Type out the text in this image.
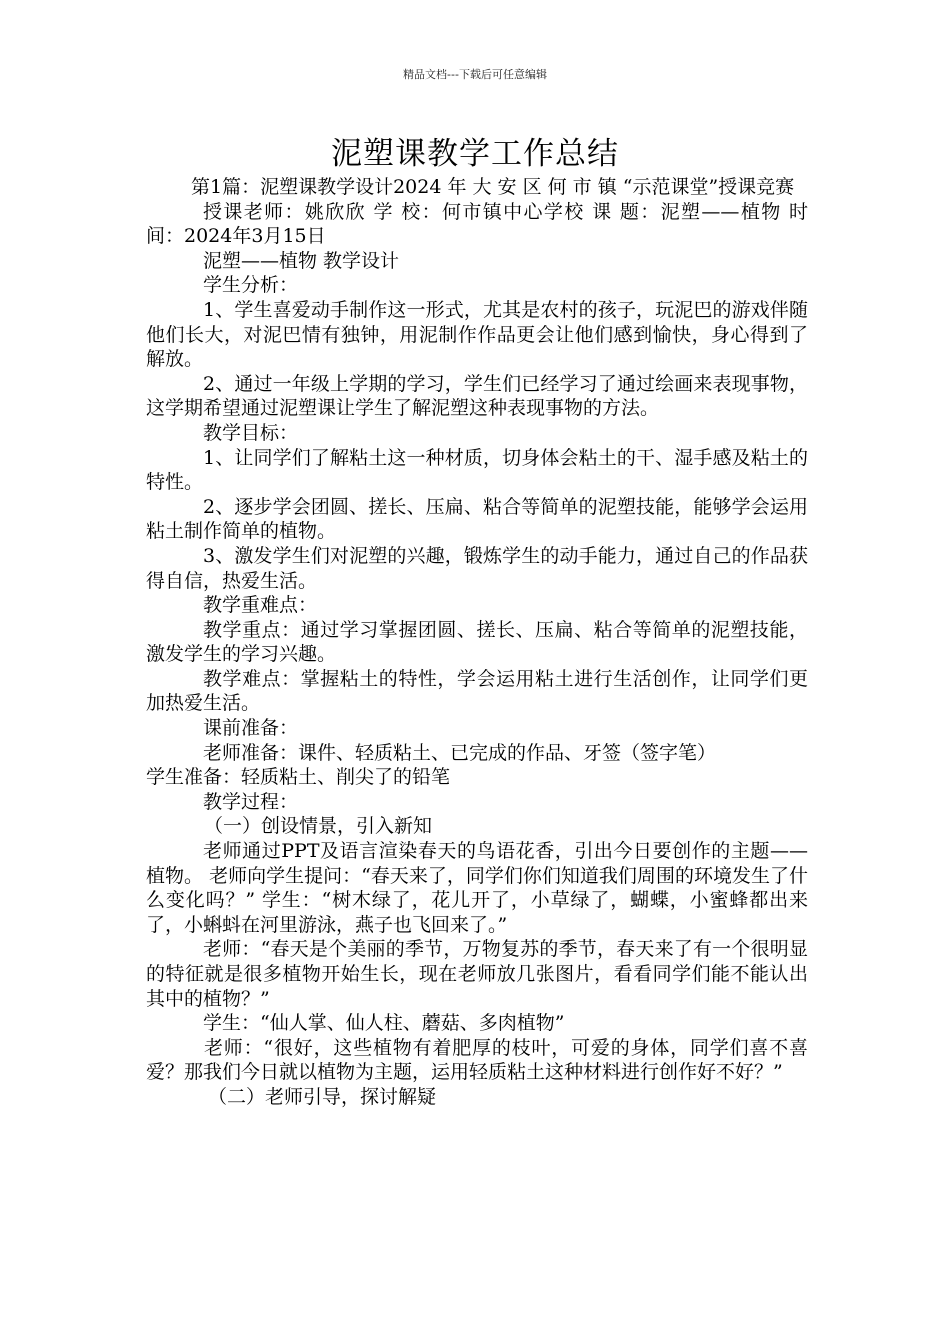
精品文档---下载后可任意编辑
泥塑课教学工作总结

第1篇：泥塑课教学设计2024 年 大 安 区 何 市 镇 “示范课堂”授课竞赛

授课老师：姚欣欣 学 校：何市镇中心学校 课 题：泥塑——植物 时 间：2024年3月15日

泥塑——植物 教学设计

学生分析：

1、学生喜爱动手制作这一形式，尤其是农村的孩子，玩泥巴的游戏伴随他们长大，对泥巴情有独钟，用泥制作作品更会让他们感到愉快，身心得到了解放。

2、通过一年级上学期的学习，学生们已经学习了通过绘画来表现事物，这学期希望通过泥塑课让学生了解泥塑这种表现事物的方法。

教学目标：

1、让同学们了解粘土这一种材质，切身体会粘土的干、湿手感及粘土的特性。

2、逐步学会团圆、搓长、压扁、粘合等简单的泥塑技能，能够学会运用粘土制作简单的植物。

3、激发学生们对泥塑的兴趣，锻炼学生的动手能力，通过自己的作品获得自信，热爱生活。

教学重难点：

教学重点：通过学习掌握团圆、搓长、压扁、粘合等简单的泥塑技能，激发学生的学习兴趣。

教学难点：掌握粘土的特性，学会运用粘土进行生活创作，让同学们更加热爱生活。

课前准备：

老师准备：课件、轻质粘土、已完成的作品、牙签（签字笔）

学生准备：轻质粘土、削尖了的铅笔

教学过程：

（一）创设情景，引入新知

老师通过PPT及语言渲染春天的鸟语花香，引出今日要创作的主题——植物。 老师向学生提问：“春天来了，同学们你们知道我们周围的环境发生了什么变化吗？” 学生：“树木绿了，花儿开了，小草绿了，蝴蝶，小蜜蜂都出来了，小蝌蚪在河里游泳，燕子也飞回来了。”

老师：“春天是个美丽的季节，万物复苏的季节，春天来了有一个很明显的特征就是很多植物开始生长，现在老师放几张图片，看看同学们能不能认出其中的植物？”

学生：“仙人掌、仙人柱、蘑菇、多肉植物”

老师：“很好，这些植物有着肥厚的枝叶，可爱的身体，同学们喜不喜爱？那我们今日就以植物为主题，运用轻质粘土这种材料进行创作好不好？”

（二）老师引导，探讨解疑
